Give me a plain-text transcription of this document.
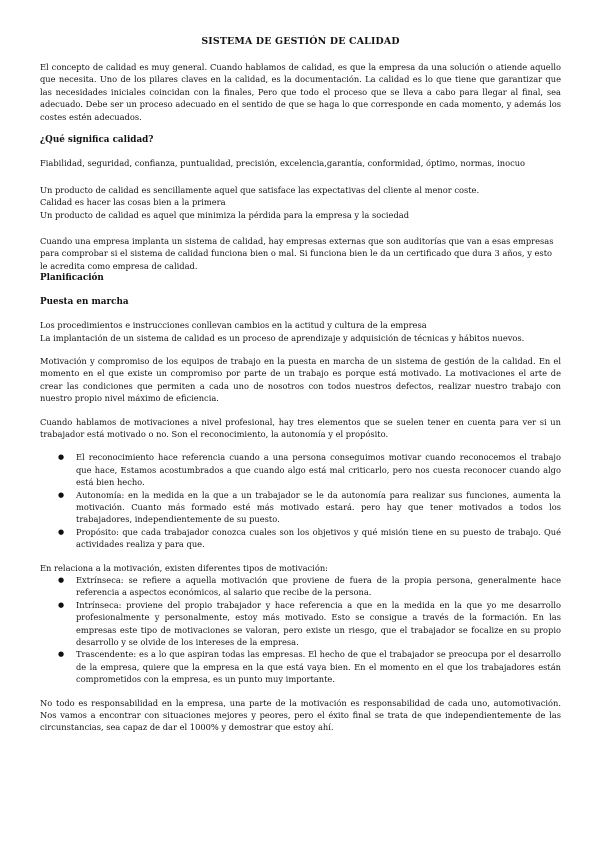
SISTEMA DE GESTIÓN DE CALIDAD

El concepto de calidad es muy general. Cuando hablamos de calidad, es que la empresa da una solución o atiende aquello que necesita. Uno de los pilares claves en la calidad, es la documentación. La calidad es lo que tiene que garantizar que las necesidades iniciales coincidan con la finales, Pero que todo el proceso que se lleva a cabo para llegar al final, sea adecuado. Debe ser un proceso adecuado en el sentido de que se haga lo que corresponde en cada momento, y además los costes estén adecuados.

¿Qué significa calidad?

Fiabilidad, seguridad, confianza, puntualidad, precisión, excelencia,garantía, conformidad, óptimo, normas, inocuo

Un producto de calidad es sencillamente aquel que satisface las expectativas del cliente al menor coste.

Calidad es hacer las cosas bien a la primera

Un producto de calidad es aquel que minimiza la pérdida para la empresa y la sociedad

Cuando una empresa implanta un sistema de calidad, hay empresas externas que son auditorías que van a esas empresas para comprobar si el sistema de calidad funciona bien o mal. Si funciona bien le da un certificado que dura 3 años, y esto le acredita como empresa de calidad.

Planificación

Puesta en marcha

Los procedimientos e instrucciones conllevan cambios en la actitud y cultura de la empresa

La implantación de un sistema de calidad es un proceso de aprendizaje y adquisición de técnicas y hábitos nuevos.

Motivación y compromiso de los equipos de trabajo en la puesta en marcha de un sistema de gestión de la calidad. En el momento en el que existe un compromiso por parte de un trabajo es porque está motivado. La motivaciones el arte de crear las condiciones que permiten a cada uno de nosotros con todos nuestros defectos, realizar nuestro trabajo con nuestro propio nivel máximo de eficiencia.

Cuando hablamos de motivaciones a nivel profesional, hay tres elementos que se suelen tener en cuenta para ver si un trabajador está motivado o no. Son el reconocimiento, la autonomía y el propósito.

● El reconocimiento hace referencia cuando a una persona conseguimos motivar cuando reconocemos el trabajo que hace, Estamos acostumbrados a que cuando algo está mal criticarlo, pero nos cuesta reconocer cuando algo está bien hecho.
● Autonomía: en la medida en la que a un trabajador se le da autonomía para realizar sus funciones, aumenta la motivación. Cuanto más formado esté más motivado estará. pero hay que tener motivados a todos los trabajadores, independientemente de su puesto.
● Propósito: que cada trabajador conozca cuales son los objetivos y qué misión tiene en su puesto de trabajo. Qué actividades realiza y para que.

En relaciona a la motivación, existen diferentes tipos de motivación:

● Extrínseca: se refiere a aquella motivación que proviene de fuera de la propia persona, generalmente hace referencia a aspectos económicos, al salario que recibe de la persona.
● Intrínseca: proviene del propio trabajador y hace referencia a que en la medida en la que yo me desarrollo profesionalmente y personalmente, estoy más motivado. Esto se consigue a través de la formación. En las empresas este tipo de motivaciones se valoran, pero existe un riesgo, que el trabajador se focalize en su propio desarrollo y se olvide de los intereses de la empresa.
● Trascendente: es a lo que aspiran todas las empresas. El hecho de que el trabajador se preocupa por el desarrollo de la empresa, quiere que la empresa en la que está vaya bien. En el momento en el que los trabajadores están comprometidos con la empresa, es un punto muy importante.

No todo es responsabilidad en la empresa, una parte de la motivación es responsabilidad de cada uno, automotivación. Nos vamos a encontrar con situaciones mejores y peores, pero el éxito final se trata de que independientemente de las circunstancias, sea capaz de dar el 1000% y demostrar que estoy ahí.
